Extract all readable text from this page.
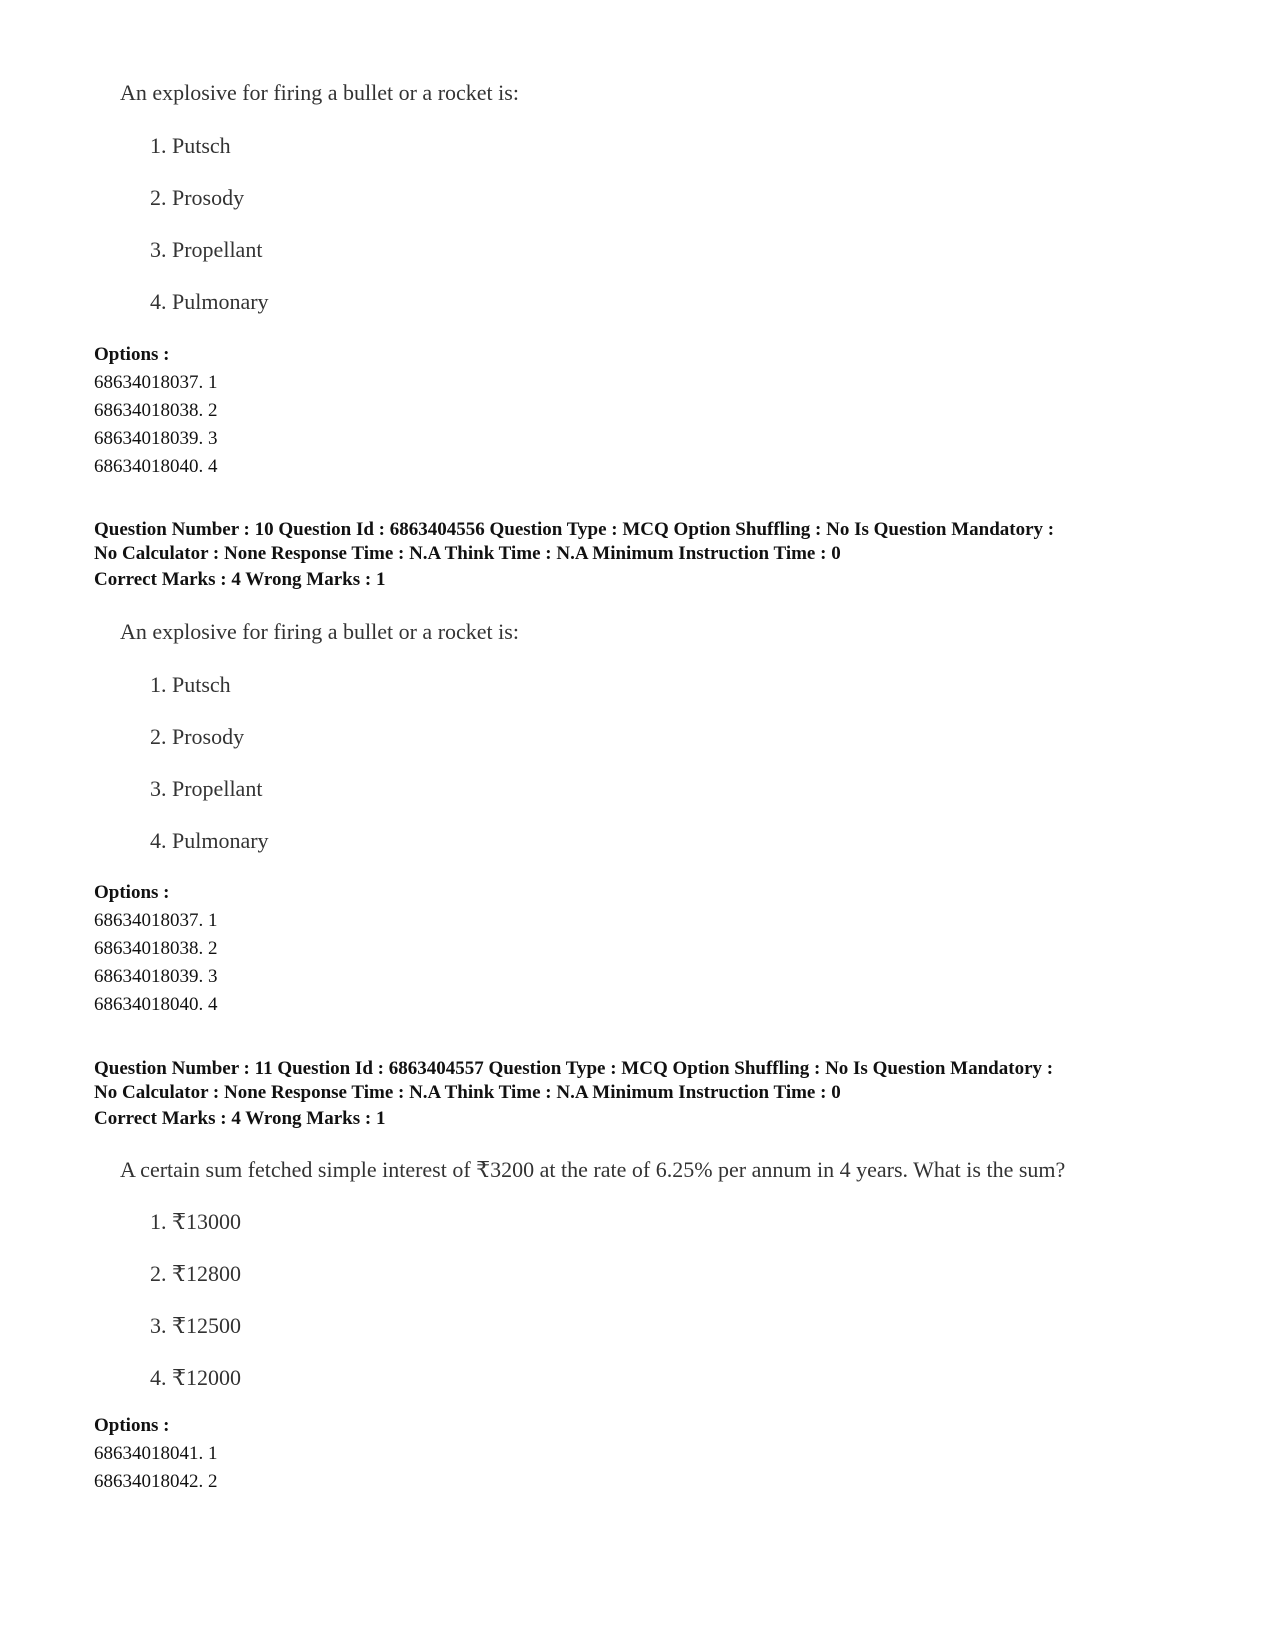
An explosive for firing a bullet or a rocket is:
1. Putsch
2. Prosody
3. Propellant
4. Pulmonary
Options :
68634018037. 1
68634018038. 2
68634018039. 3
68634018040. 4
Question Number : 10 Question Id : 6863404556 Question Type : MCQ Option Shuffling : No Is Question Mandatory :
No Calculator : None Response Time : N.A Think Time : N.A Minimum Instruction Time : 0
Correct Marks : 4 Wrong Marks : 1
An explosive for firing a bullet or a rocket is:
1. Putsch
2. Prosody
3. Propellant
4. Pulmonary
Options :
68634018037. 1
68634018038. 2
68634018039. 3
68634018040. 4
Question Number : 11 Question Id : 6863404557 Question Type : MCQ Option Shuffling : No Is Question Mandatory :
No Calculator : None Response Time : N.A Think Time : N.A Minimum Instruction Time : 0
Correct Marks : 4 Wrong Marks : 1
A certain sum fetched simple interest of ₹3200 at the rate of 6.25% per annum in 4 years. What is the sum?
1. ₹13000
2. ₹12800
3. ₹12500
4. ₹12000
Options :
68634018041. 1
68634018042. 2
